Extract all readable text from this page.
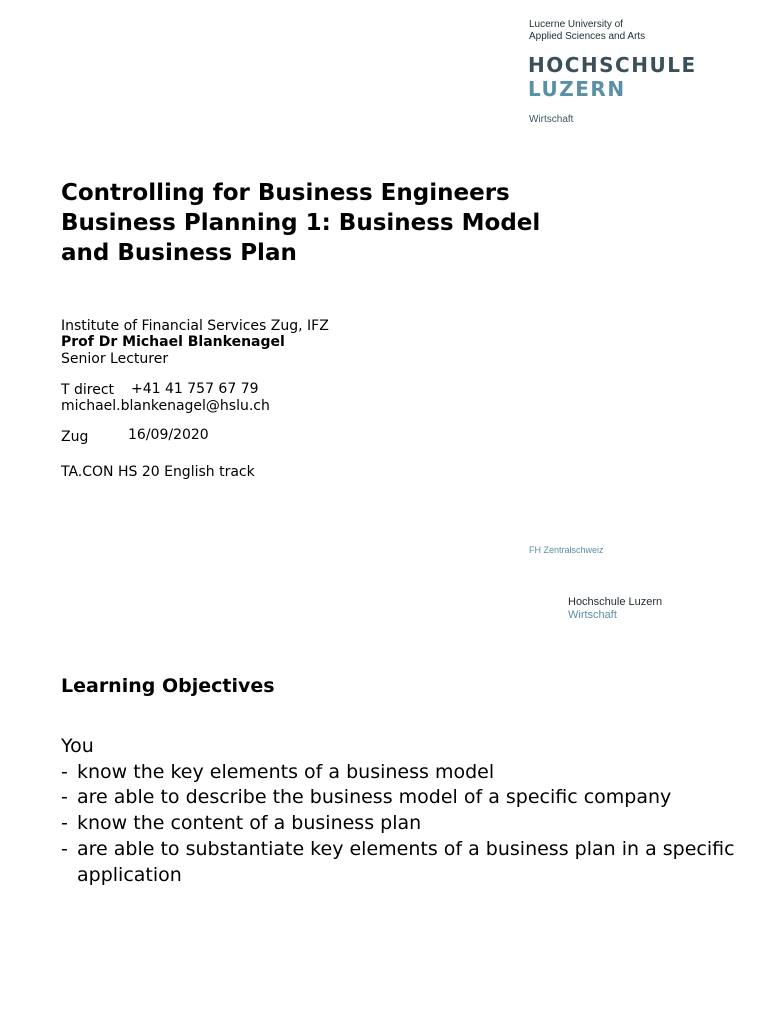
Lucerne University of
Applied Sciences and Arts
HOCHSCHULE
LUZERN
Wirtschaft
Controlling for Business Engineers
Business Planning 1: Business Model
and Business Plan
Institute of Financial Services Zug, IFZ
Prof Dr Michael Blankenagel
Senior Lecturer
T direct +41 41 757 67 79
michael.blankenagel@hslu.ch
Zug	16/09/2020
TA.CON HS 20 English track
FH Zentralschweiz
Hochschule Luzern
Wirtschaft
Learning Objectives
You
- know the key elements of a business model
- are able to describe the business model of a specific company
- know the content of a business plan
- are able to substantiate key elements of a business plan in a specific application
